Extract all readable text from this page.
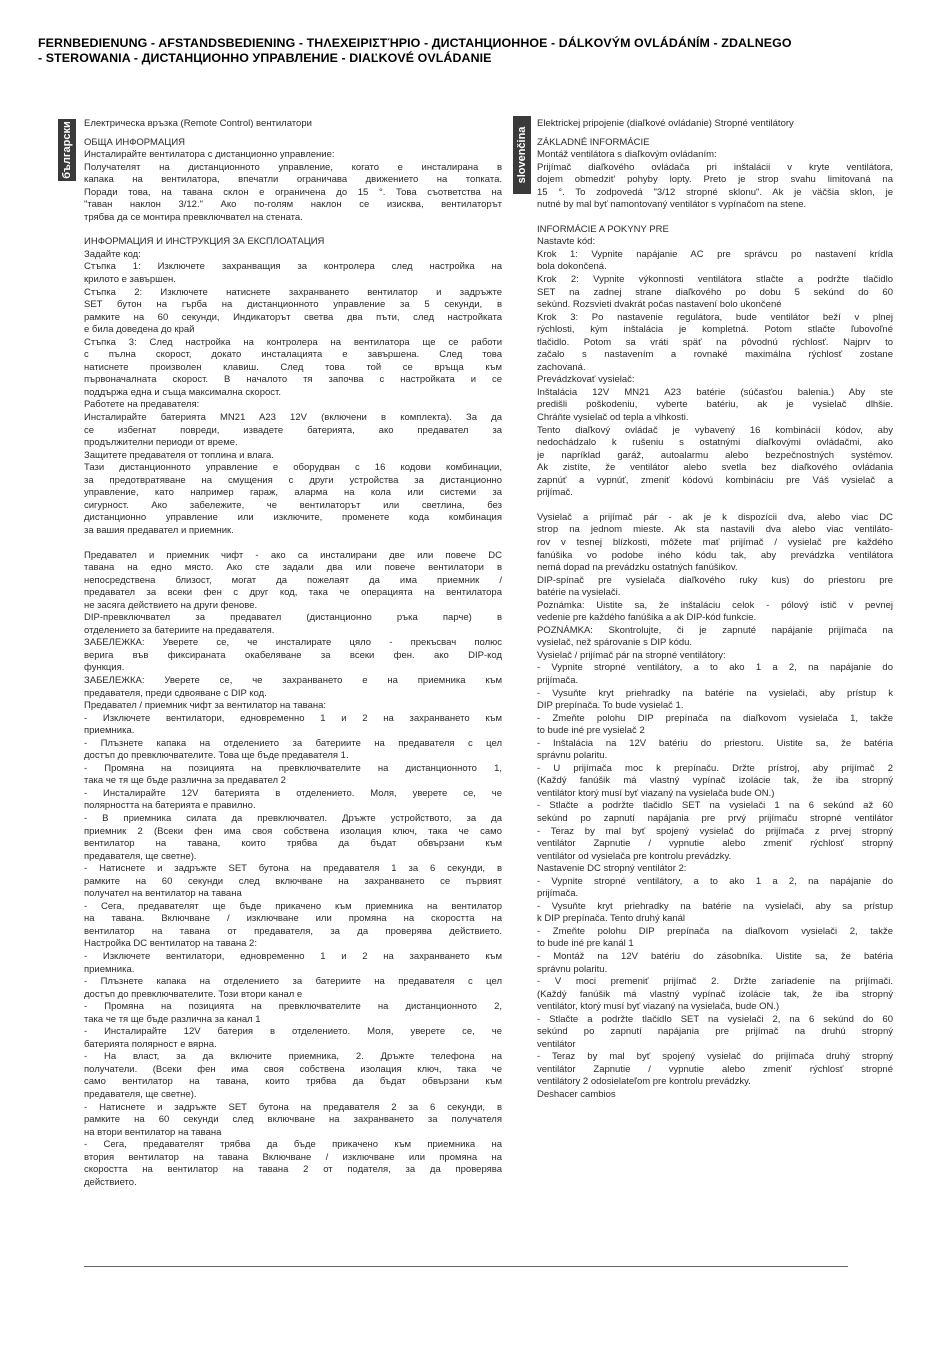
FERNBEDIENUNG - AFSTANDSBEDIENING - ΤΗΛΕΧΕΙΡΙΣΤΉΡΙΟ - ДИСТАНЦИОННОЕ - DÁLKOVÝM OVLÁDÁNÍM - ZDALNEGO
- STEROWANIA - ДИСТАНЦИОННО УПРАВЛЕНИЕ - DIAĽKOVÉ OVLÁDANIE
български	slovenčina
Електрическа връзка (Remote Control) вентилатори
ОБЩА ИНФОРМАЦИЯ
Инсталирайте вентилатора с дистанционно управление:
Получателят на дистанционното управление, когато е инсталирана в
капака на вентилатора, впечатли ограничава движението на топката.
Поради това, на тавана склон е ограничена до 15 °. Това съответства на
"таван наклон 3/12." Ако по-голям наклон се изисква, вентилаторът
трябва да се монтира превключвател на стената.
ИНФОРМАЦИЯ И ИНСТРУКЦИЯ ЗА ЕКСПЛОАТАЦИЯ
Задайте код:
Стъпка 1: Изключете захранващия за контролера след настройка на
крилото е завършен.
Стъпка 2: Изключете натиснете захранването вентилатор и задръжте
SET бутон на гърба на дистанционното управление за 5 секунди, в
рамките на 60 секунди, Индикаторът светва два пъти, след настройката
е била доведена до край
Стъпка 3: След настройка на контролера на вентилатора ще се работи
с пълна скорост, докато инсталацията е завършена. След това
натиснете произволен клавиш. След това той се връща към
първоначалната скорост. В началото тя започва с настройката и се
поддържа една и съща максимална скорост.
Работете на предавателя:
Инсталирайте батерията MN21 A23 12V (включени в комплекта). За да
се избегнат повреди, извадете батерията, ако предавател за
продължителни периоди от време.
Защитете предавателя от топлина и влага.
Тази дистанционното управление е оборудван с 16 кодови комбинации,
за предотвратяване на смущения с други устройства за дистанционно
управление, като например гараж, аларма на кола или системи за
сигурност. Ако забележите, че вентилаторът или светлина, без
дистанционно управление или изключите, променете кода комбинация
за вашия предавател и приемник.
Предавател и приемник чифт - ако са инсталирани две или повече DC
тавана на едно място. Ако сте задали два или повече вентилатори в
непосредствена близост, могат да пожелаят да има приемник /
предавател за всеки фен с друг код, така че операцията на вентилатора
не засяга действието на други фенове.
DIP-превключвател за предавател (дистанционно ръка парче) в
отделението за батериите на предавателя.
ЗАБЕЛЕЖКА: Уверете се, че инсталирате цяло - прекъсвач полюс
верига във фиксираната окабеляване за всеки фен. ако DIP-код
функция.
ЗАБЕЛЕЖКА: Уверете се, че захранването е на приемника към
предавателя, преди сдвояване с DIP код.
Предавател / приемник чифт за вентилатор на тавана:
- Изключете вентилатори, едновременно 1 и 2 на захранването към
приемника.
- Плъзнете капака на отделението за батериите на предавателя с цел
достъп до превключвателите. Това ще бъде предавателя 1.
- Промяна на позицията на превключвателите на дистанционното 1,
така че тя ще бъде различна за предавател 2
- Инсталирайте 12V батерията в отделението. Моля, уверете се, че
полярността на батерията е правилно.
- В приемника силата да превключвател. Дръжте устройството, за да
приемник 2 (Всеки фен има своя собствена изолация ключ, така че само
вентилатор на тавана, които трябва да бъдат обвързани към
предавателя, ще светне).
- Натиснете и задръжте SET бутона на предавателя 1 за 6 секунди, в
рамките на 60 секунди след включване на захранването се първият
получател на вентилатор на тавана
- Сега, предавателят ще бъде прикачено към приемника на вентилатор
на тавана. Включване / изключване или промяна на скоростта на
вентилатор на тавана от предавателя, за да проверява действието.
Настройка DC вентилатор на тавана 2:
- Изключете вентилатори, едновременно 1 и 2 на захранването към
приемника.
- Плъзнете капака на отделението за батериите на предавателя с цел
достъп до превключвателите. Този втори канал е
- Промяна на позицията на превключвателите на дистанционното 2,
така че тя ще бъде различна за канал 1
- Инсталирайте 12V батерия в отделението. Моля, уверете се, че
батерията полярност е вярна.
- На власт, за да включите приемника, 2. Дръжте телефона на
получатели. (Всеки фен има своя собствена изолация ключ, така че
само вентилатор на тавана, които трябва да бъдат обвързани към
предавателя, ще светне).
- Натиснете и задръжте SET бутона на предавателя 2 за 6 секунди, в
рамките на 60 секунди след включване на захранването за получателя
на втори вентилатор на тавана
- Сега, предавателят трябва да бъде прикачено към приемника на
втория вентилатор на тавана Включване / изключване или промяна на
скоростта на вентилатор на тавана 2 от подателя, за да проверява
действието.
Elektrickej pripojenie (diaľkové ovládanie) Stropné ventilátory
ZÁKLADNÉ INFORMÁCIE
Montáž ventilátora s diaľkovým ovládaním:
Prijímač diaľkového ovládača pri inštalácii v kryte ventilátora,
dojem obmedzit' pohyby lopty. Preto je strop svahu limitovaná na
15 °. To zodpovedá "3/12 stropné sklonu". Ak je väčšia sklon, je
nutné by mal byť namontovaný ventilátor s vypínačom na stene.
INFORMÁCIE A POKYNY PRE
Nastavte kód:
Krok 1: Vypnite napájanie AC pre správcu po nastavení krídla
bola dokončená.
Krok 2: Vypnite výkonnosti ventilátora stlačte a podržte tlačidlo
SET na zadnej strane diaľkového po dobu 5 sekúnd do 60
sekúnd. Rozsvieti dvakrát počas nastavení bolo ukončené
Krok 3: Po nastavenie regulátora, bude ventilátor beží v plnej
rýchlosti, kým inštalácia je kompletná. Potom stlačte ľubovoľné
tlačidlo. Potom sa vráti späť na pôvodnú rýchlosť. Najprv to
začalo s nastavením a rovnaké maximálna rýchlosť zostane
zachovaná.
Prevádzkovať vysielač:
Inštalácia 12V MN21 A23 batérie (súčasťou balenia.) Aby ste
predišli poškodeniu, vyberte batériu, ak je vysielač dlhšie.
Chráňte vysielač od tepla a vlhkosti.
Tento diaľkový ovládač je vybavený 16 kombinácií kódov, aby
nedochádzalo k rušeniu s ostatnými diaľkovými ovládačmi, ako
je napríklad garáž, autoalarmu alebo bezpečnostných systémov.
Ak zistíte, že ventilátor alebo svetla bez diaľkového ovládania
zapnúť a vypnúť, zmeniť kódovú kombináciu pre Váš vysielač a
prijímač.
Vysielač a prijímač pár - ak je k dispozícii dva, alebo viac DC
strop na jednom mieste. Ak sta nastavili dva alebo viac ventiláto-
rov v tesnej blízkosti, môžete mať prijímač / vysielač pre každého
fanúšika vo podobe iného kódu tak, aby prevádzka ventilátora
nemá dopad na prevádzku ostatných fanúšikov.
DIP-spínač pre vysielača diaľkového ruky kus) do priestoru pre
batérie na vysielači.
Poznámka: Uistite sa, že inštaláciu celok - pólový istič v pevnej
vedenie pre každého fanúšika a ak DIP-kód funkcie.
POZNÁMKA: Skontrolujte, či je zapnuté napájanie prijímača na
vysielač, než spárovanie s DIP kódu.
Vysielač / prijímač pár na stropné ventilátory:
- Vypnite stropné ventilátory, a to ako 1 a 2, na napájanie do
prijímača.
- Vysuňte kryt priehradky na batérie na vysielači, aby prístup k
DIP prepínača. To bude vysielač 1.
- Zmeňte polohu DIP prepínača na diaľkovom vysielača 1, takže
to bude iné pre vysielač 2
- Inštalácia na 12V batériu do priestoru. Uistite sa, že batéria
správnu polaritu.
- U prijímača moc k prepínaču. Držte prístroj, aby prijímač 2
(Každý fanúšik má vlastný vypínač izolácie tak, že iba stropný
ventilátor ktorý musí byť viazaný na vysielača bude ON.)
- Stlačte a podržte tlačidlo SET na vysielači 1 na 6 sekúnd až 60
sekúnd po zapnutí napájania pre prvý prijímaču stropné ventilátor
- Teraz by mal byť spojený vysielač do prijímača z prvej stropný
ventilátor Zapnutie / vypnutie alebo zmeniť rýchlosť stropný
ventilátor od vysielača pre kontrolu prevádzky.
Nastavenie DC stropný ventilátor 2:
- Vypnite stropné ventilátory, a to ako 1 a 2, na napájanie do
prijímača.
- Vysuňte kryt priehradky na batérie na vysielači, aby sa prístup
k DIP prepínača. Tento druhý kanál
- Zmeňte polohu DIP prepínača na diaľkovom vysielači 2, takže
to bude iné pre kanál 1
- Montáž na 12V batériu do zásobníka. Uistite sa, že batéria
správnu polaritu.
- V moci premeniť prijímač 2. Držte zariadenie na prijímači.
(Každý fanúšik má vlastný vypínač izolácie tak, že iba stropný
ventilátor, ktorý musí byť viazaný na vysielača, bude ON.)
- Stlačte a podržte tlačidlo SET na vysielači 2, na 6 sekúnd do 60
sekúnd po zapnutí napájania pre prijímač na druhú stropný
ventilátor
- Teraz by mal byť spojený vysielač do prijímača druhý stropný
ventilátor Zapnutie / vypnutie alebo zmeniť rýchlosť stropné
ventilátory 2 odosielateľom pre kontrolu prevádzky.
Deshacer cambios
